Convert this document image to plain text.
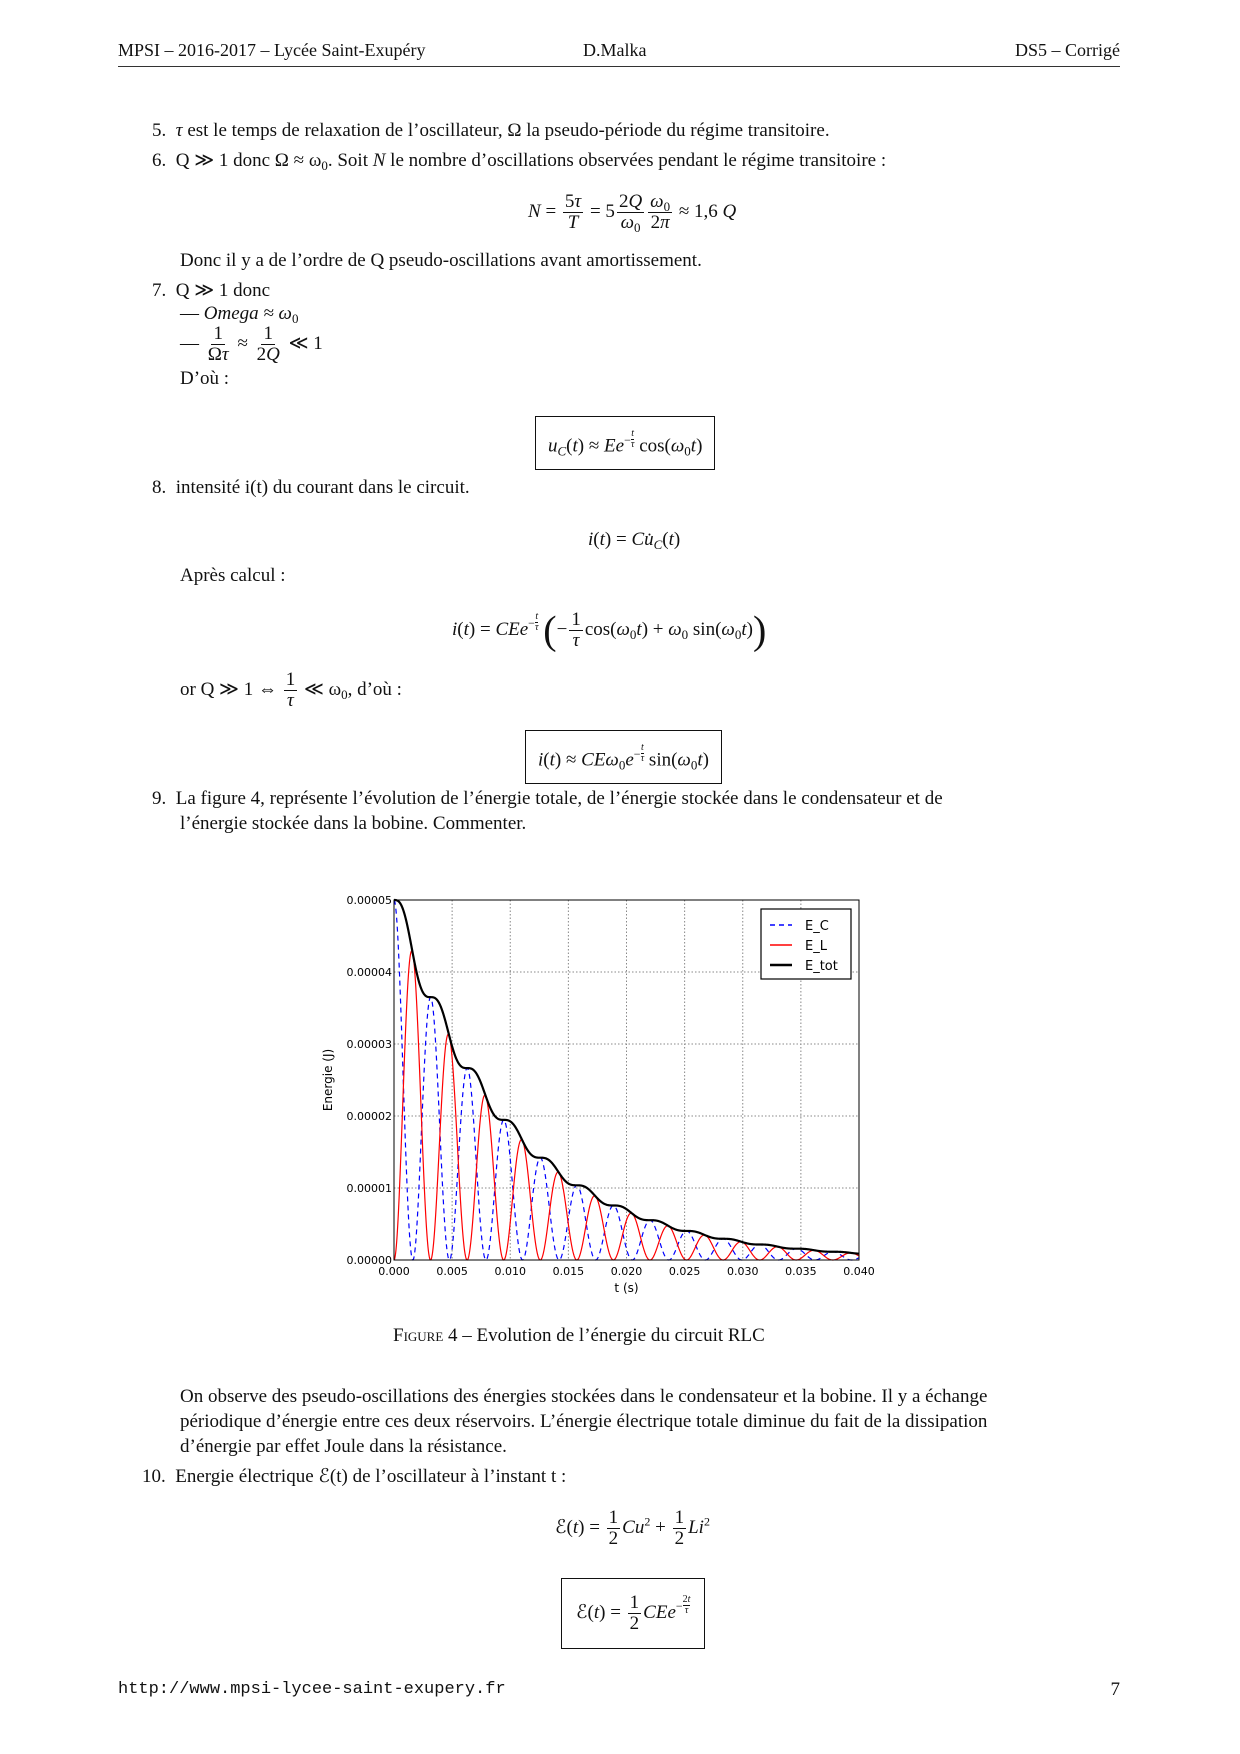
MPSI – 2016-2017 – Lycée Saint-Exupéry	D.Malka	DS5 – Corrigé
5. τ est le temps de relaxation de l’oscillateur, Ω la pseudo-période du régime transitoire.
6. Q ≫ 1 donc $\Omega \approx \omega_0$. Soit N le nombre d’oscillations observées pendant le régime transitoire :
$N = \frac{5\tau}{T} = 5 \frac{2Q}{\omega_0} \frac{\omega_0}{2\pi} \approx 1,6$ Q
Donc il y a de l’ordre de Q pseudo-oscillations avant amortissement.
7. Q ≫ 1 donc
— Omega ≈ $\omega_0$
— $\frac{1}{\Omega\tau} \approx \frac{1}{2Q}$ ≪ 1
D’où :
$u_C(t) \approx Ee^{- \frac{t}{\tau}}$ $\cos(\omega_0t)$
8. intensité i(t) du courant dans le circuit.
$i(t) = Cu̇_C(t)$
Après calcul :
i(t) = CEe$^{- \frac{t}{\tau}}$ (− $\frac{1}{\tau} \cos(\omega_0t) + \omega_0$ $\sin(\omega_0t)$)
or Q ≫ 1 ⇔ $\frac{1}{\tau}$ ≪ $\omega_0$, d’où :
$i(t) \approx CE\omega_0e^{- \frac{t}{\tau}}$ $\sin(\omega_0t)$
9. La figure 4, représente l’évolution de l’énergie totale, de l’énergie stockée dans le condensateur et de
l’énergie stockée dans la bobine. Commenter.
0.000 0.005 0.010 0.015 0.020 0.025 0.030 0.035 0.040
0.00000
0.00001
0.00002
0.00003
0.00004
0.00005
t (s)
Energie (J)
E_C
E_L
E_tot
Figure 4 – Evolution de l’énergie du circuit RLC
On observe des pseudo-oscillations des énergies stockées dans le condensateur et la bobine. Il y a échange
périodique d’énergie entre ces deux réservoirs. L’énergie électrique totale diminue du fait de la dissipation
d’énergie par effet Joule dans la résistance.
10. Energie électrique ℰ(t) de l’oscillateur à l’instant t :
ℰ(t) = $\frac{1}{2} Cu^2 + \frac{1}{2} Li^2$
ℰ(t) = $\frac{1}{2} CEe^{- \frac{2t}{\tau}}$
http://www.mpsi-lycee-saint-exupery.fr	7
